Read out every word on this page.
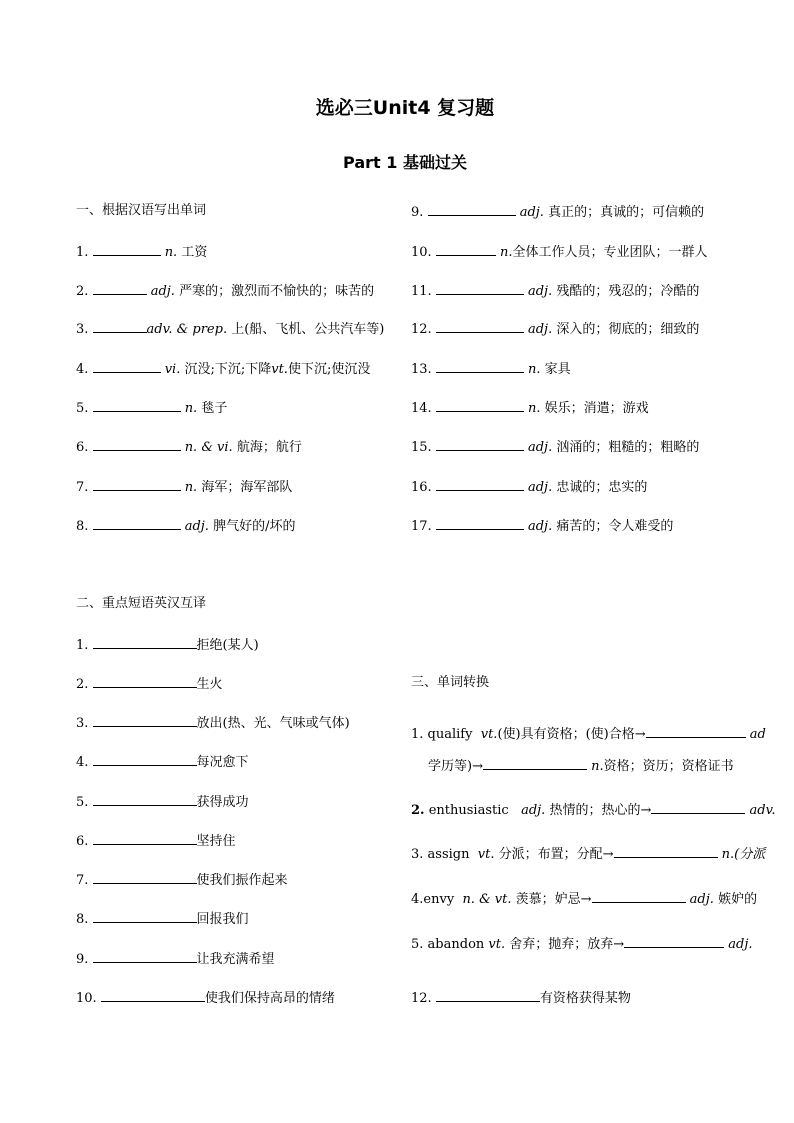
选必三Unit4 复习题
Part 1 基础过关
一、根据汉语写出单词
1.	n. 工资
2.	adj. 严寒的；激烈而不愉快的；味苦的
3.	adv. & prep. 上(船、飞机、公共汽车等)
4.	vi. 沉没;下沉;下降vt.使下沉;使沉没
5.	n. 毯子
6.	n. & vi. 航海；航行
7.	n. 海军；海军部队
8.	adj. 脾气好的/坏的
9.	adj. 真正的；真诚的；可信赖的
10.	n.全体工作人员；专业团队；一群人
11.	adj. 残酷的；残忍的；冷酷的
12.	adj. 深入的；彻底的；细致的
13.	n. 家具
14.	n. 娱乐；消遣；游戏
15.	adj. 汹涌的；粗糙的；粗略的
16.	adj. 忠诚的；忠实的
17.	adj. 痛苦的；令人难受的
二、重点短语英汉互译
1.	拒绝(某人)
2.	生火
3.	放出(热、光、气味或气体)
4.	每况愈下
5.	获得成功
6.	坚持住
7.	使我们振作起来
8.	回报我们
9.	让我充满希望
10.	使我们保持高昂的情绪	12.	有资格获得某物
三、单词转换
1. qualify vt.(使)具有资格；(使)合格→	ad
学历等)→	n.资格；资历；资格证书
2. enthusiastic adj. 热情的；热心的→	adv.
3. assign vt. 分派；布置；分配→	n.(分派
4.envy n. & vt. 羡慕；妒忌→	adj. 嫉妒的
5. abandon vt. 舍弃；抛弃；放弃→	adj.
